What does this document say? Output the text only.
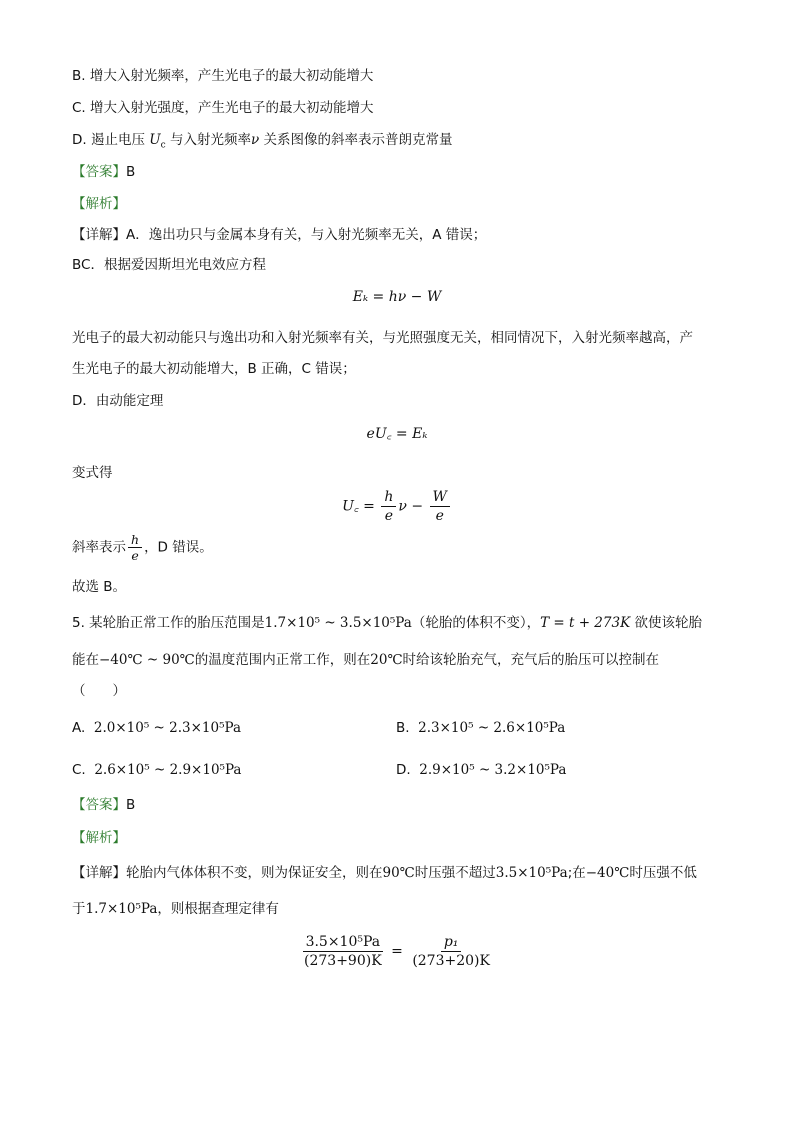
B. 增大入射光频率，产生光电子的最大初动能增大
C. 增大入射光强度，产生光电子的最大初动能增大
D. 遏止电压 $U_c$ 与入射光频率ν 关系图像的斜率表示普朗克常量
【答案】B
【解析】
【详解】A．逸出功只与金属本身有关，与入射光频率无关，A 错误；
BC．根据爱因斯坦光电效应方程
Eₖ = hν − W
光电子的最大初动能只与逸出功和入射光频率有关，与光照强度无关，相同情况下，入射光频率越高，产
生光电子的最大初动能增大，B 正确，C 错误；
D．由动能定理
eU꜀ = Eₖ
变式得
U꜀ = $\frac{h}{e}$ $\nu - \frac{W}{e}$
斜率表示 $\frac{h}{e}$ ，D 错误。
故选 B。
5. 某轮胎正常工作的胎压范围是1.7×10⁵ ~ 3.5×10⁵Pa（轮胎的体积不变），T = t + 273K 欲使该轮胎
能在−40℃ ~ 90℃的温度范围内正常工作，则在20℃时给该轮胎充气，充气后的胎压可以控制在
（　　）
A. 2.0×10⁵ ~ 2.3×10⁵Pa	B. 2.3×10⁵ ~ 2.6×10⁵Pa
C. 2.6×10⁵ ~ 2.9×10⁵Pa	D. 2.9×10⁵ ~ 3.2×10⁵Pa
【答案】B
【解析】
【详解】轮胎内气体体积不变，则为保证安全，则在90℃时压强不超过3.5×10⁵Pa;在−40℃时压强不低
于1.7×10⁵Pa，则根据查理定律有
$\frac{\text{3.5×10⁵Pa}}{(273+90)K} = \frac{\text{p₁}}{(273+20)K}$
